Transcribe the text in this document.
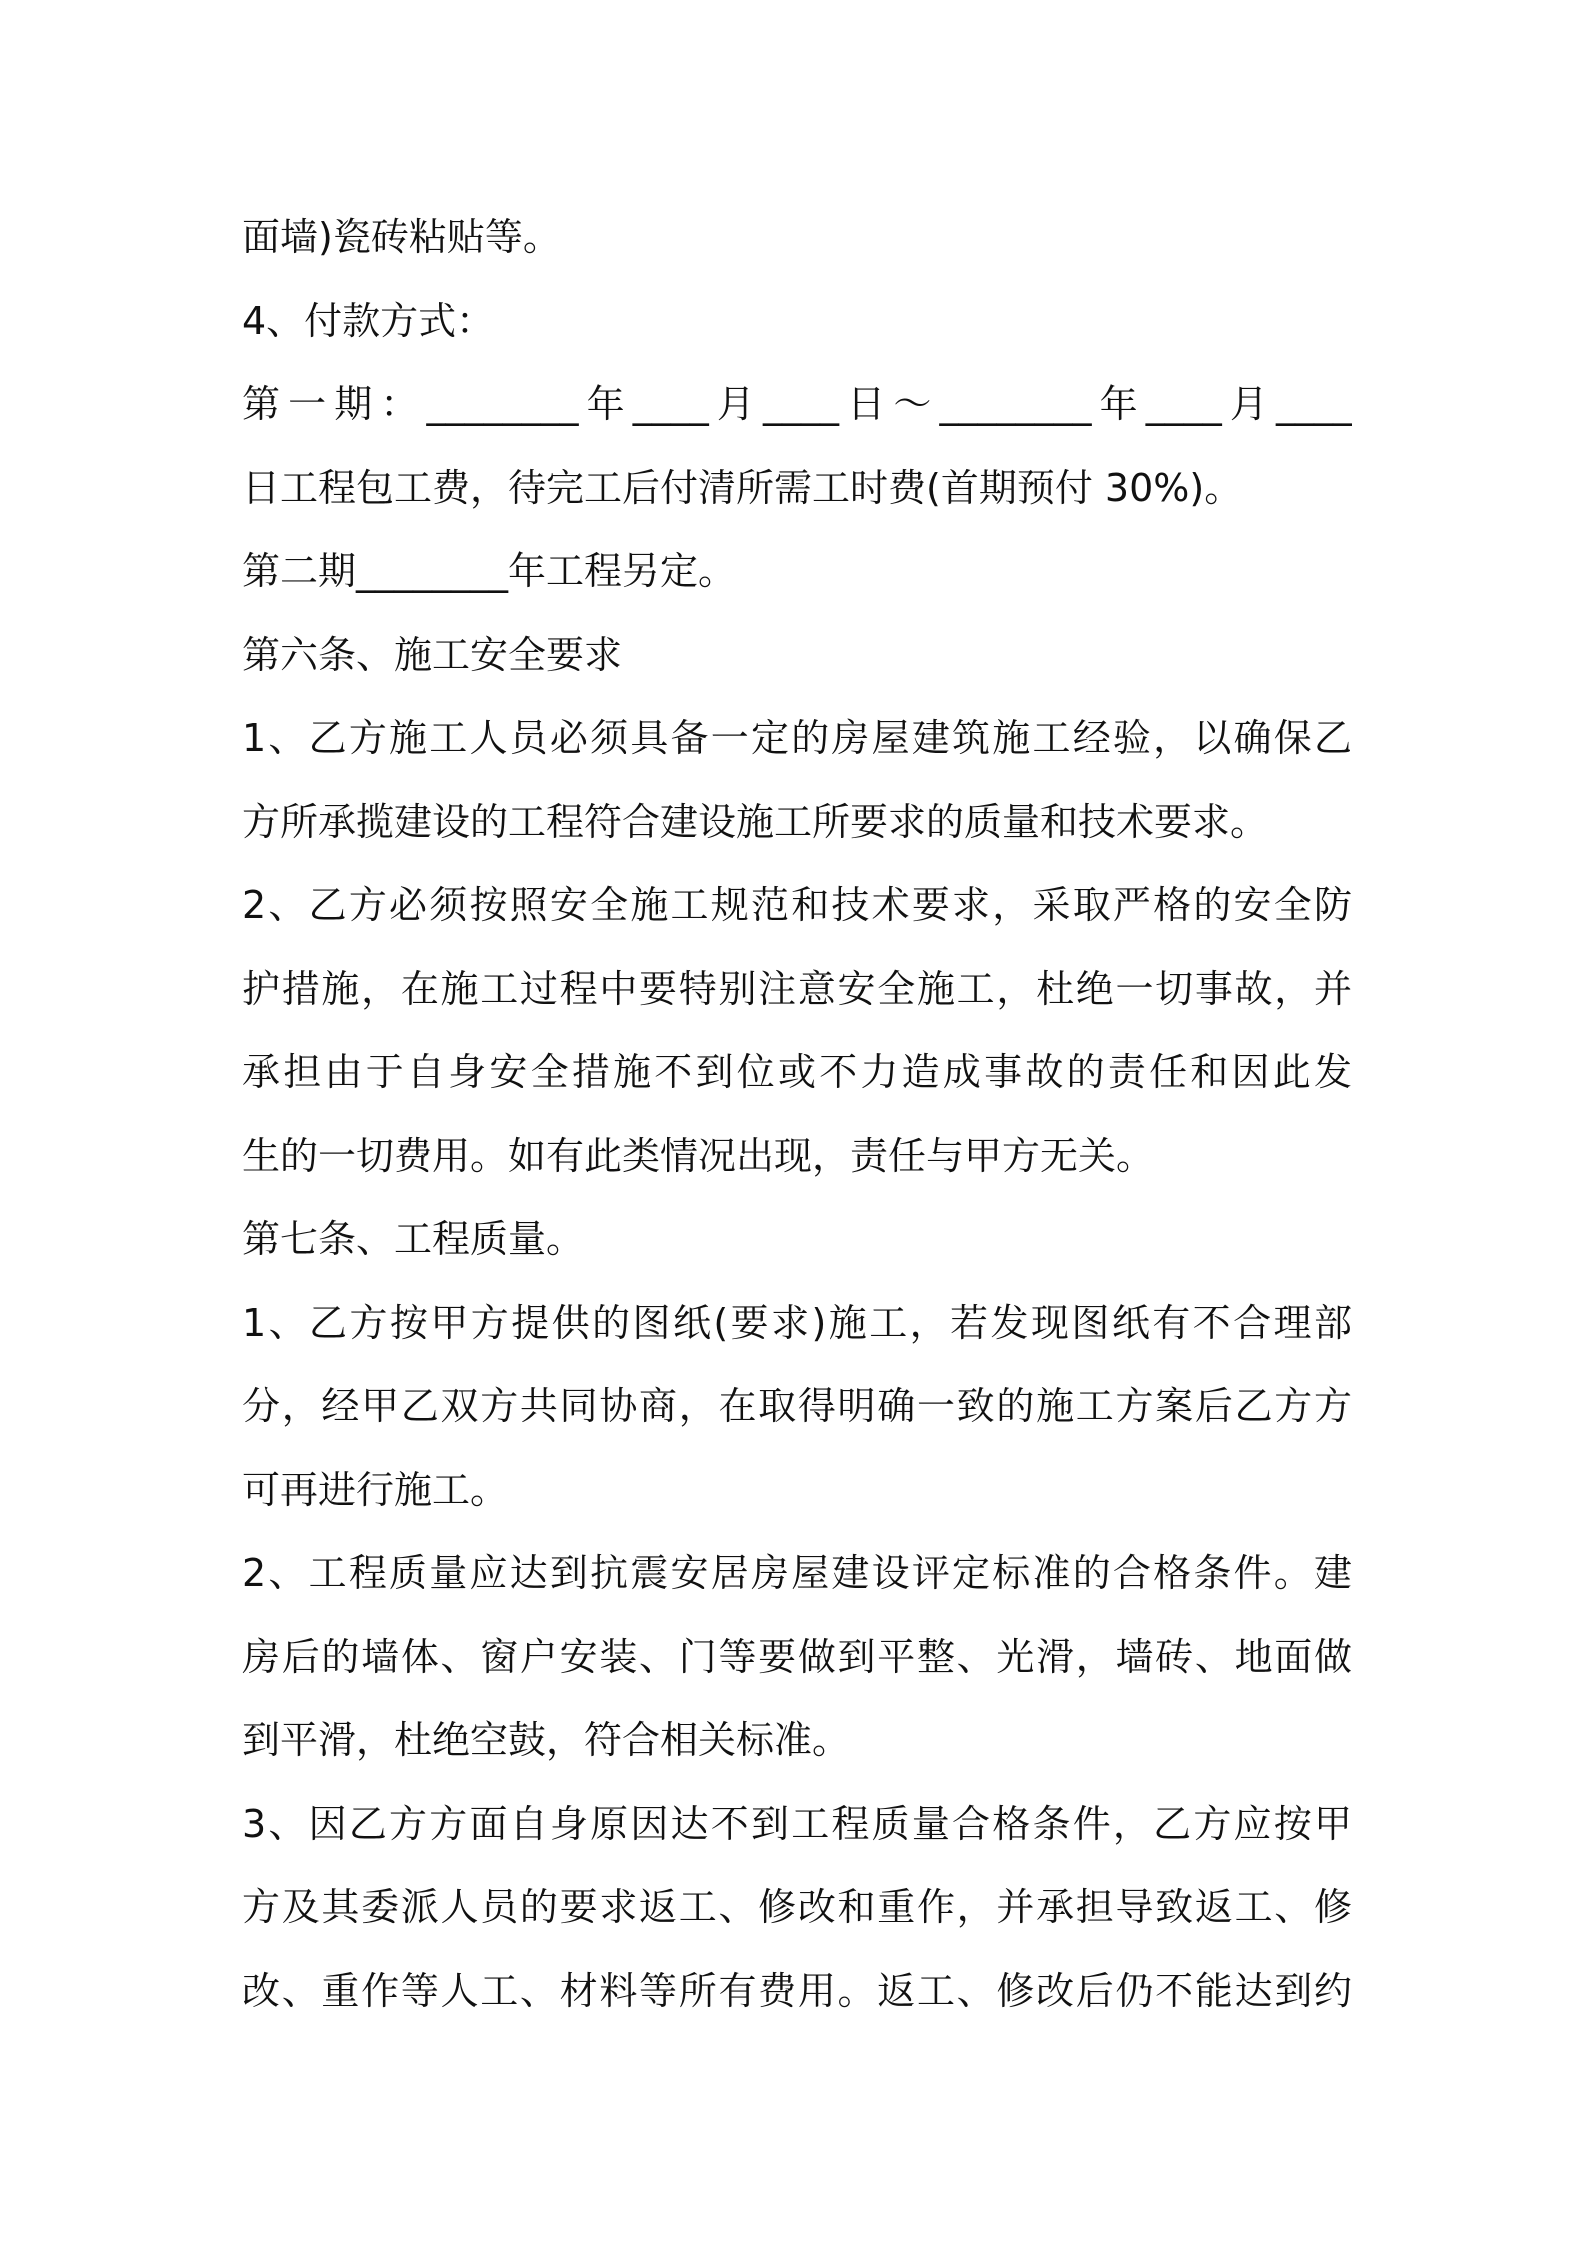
面墙)瓷砖粘贴等。
4、付款方式：
第一期：________年____月____日～________年____月____
日工程包工费，待完工后付清所需工时费(首期预付 30%)。
第二期________年工程另定。
第六条、施工安全要求
1、乙方施工人员必须具备一定的房屋建筑施工经验，以确保乙
方所承揽建设的工程符合建设施工所要求的质量和技术要求。
2、乙方必须按照安全施工规范和技术要求，采取严格的安全防
护措施，在施工过程中要特别注意安全施工，杜绝一切事故，并
承担由于自身安全措施不到位或不力造成事故的责任和因此发
生的一切费用。如有此类情况出现，责任与甲方无关。
第七条、工程质量。
1、乙方按甲方提供的图纸(要求)施工，若发现图纸有不合理部
分，经甲乙双方共同协商，在取得明确一致的施工方案后乙方方
可再进行施工。
2、工程质量应达到抗震安居房屋建设评定标准的合格条件。建
房后的墙体、窗户安装、门等要做到平整、光滑，墙砖、地面做
到平滑，杜绝空鼓，符合相关标准。
3、因乙方方面自身原因达不到工程质量合格条件，乙方应按甲
方及其委派人员的要求返工、修改和重作，并承担导致返工、修
改、重作等人工、材料等所有费用。返工、修改后仍不能达到约
